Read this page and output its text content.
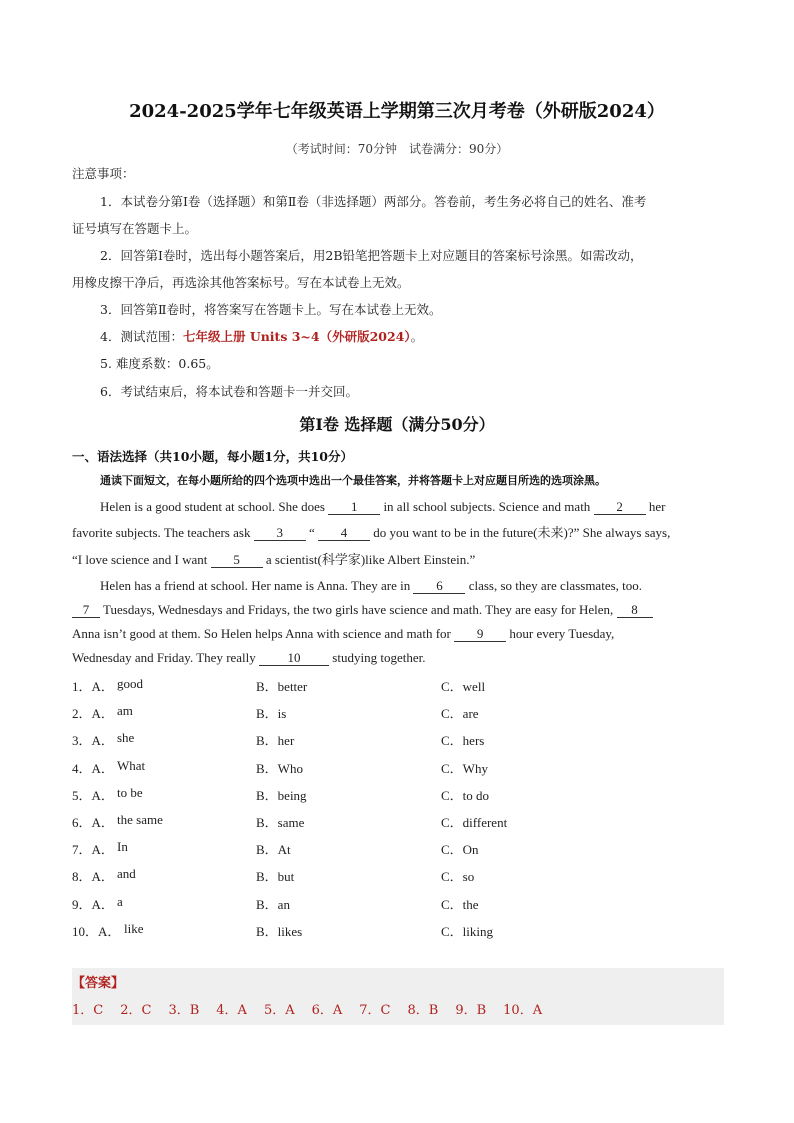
2024-2025学年七年级英语上学期第三次月考卷（外研版2024）
（考试时间：70分钟　试卷满分：90分）
注意事项：
1．本试卷分第Ⅰ卷（选择题）和第Ⅱ卷（非选择题）两部分。答卷前，考生务必将自己的姓名、准考
证号填写在答题卡上。
2．回答第Ⅰ卷时，选出每小题答案后，用2B铅笔把答题卡上对应题目的答案标号涂黑。如需改动，
用橡皮擦干净后，再选涂其他答案标号。写在本试卷上无效。
3．回答第Ⅱ卷时，将答案写在答题卡上。写在本试卷上无效。
4．测试范围：七年级上册 Units 3~4（外研版2024）。
5. 难度系数：0.65。
6．考试结束后，将本试卷和答题卡一并交回。
第Ⅰ卷 选择题（满分50分）
一、语法选择（共10小题，每小题1分，共10分）
通读下面短文，在每小题所给的四个选项中选出一个最佳答案，并将答题卡上对应题目所选的选项涂黑。
Helen is a good student at school. She does 1 in all school subjects. Science and math 2 her
favorite subjects. The teachers ask 3 “ 4 do you want to be in the future(未来)?” She always says,
“I love science and I want 5 a scientist(科学家)like Albert Einstein.”
Helen has a friend at school. Her name is Anna. They are in 6 class, so they are classmates, too.
7 Tuesdays, Wednesdays and Fridays, the two girls have science and math. They are easy for Helen, 8
Anna isn’t good at them. So Helen helps Anna with science and math for 9 hour every Tuesday,
Wednesday and Friday. They really 10 studying together.
1．A． good	B．better	C．well
2．A． am	B．is	C．are
3．A． she	B．her	C．hers
4．A． What	B．Who	C．Why
5．A． to be	B．being	C．to do
6．A． the same	B．same	C．different
7．A． In	B．At	C．On
8．A． and	B．but	C．so
9．A． a	B．an	C．the
10．A． like	B．likes	C．liking
【答案】
1．C 2．C 3．B 4．A 5．A 6．A 7．C 8．B 9．B 10．A
